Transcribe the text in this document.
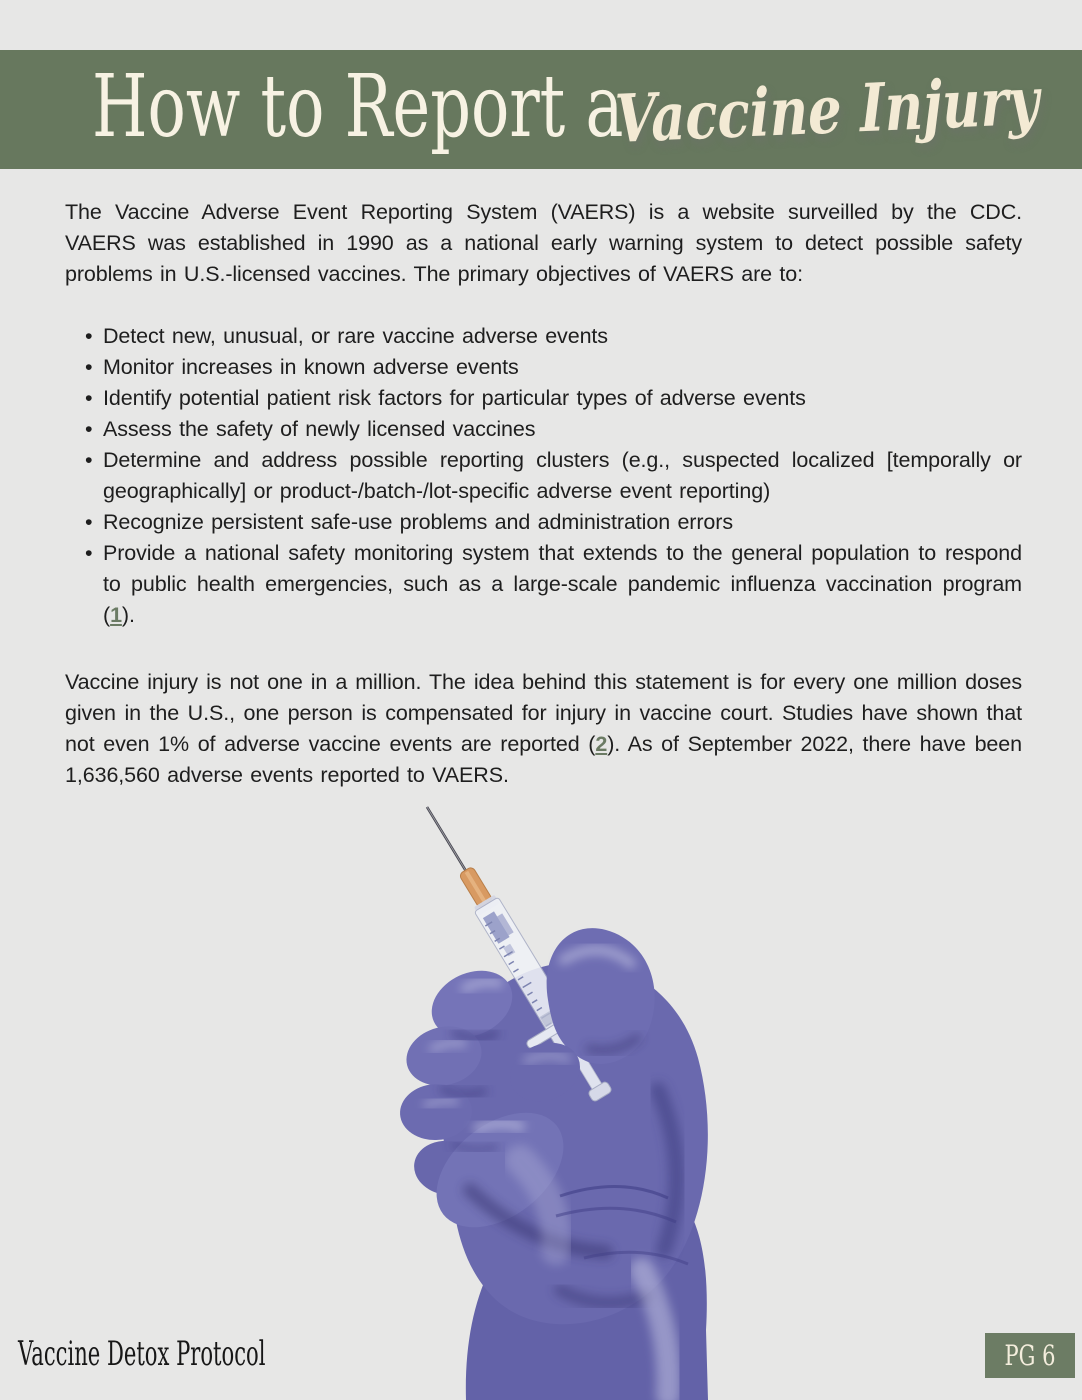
How to Report a
Vaccine Injury

The Vaccine Adverse Event Reporting System (VAERS) is a website surveilled by the CDC. VAERS was established in 1990 as a national early warning system to detect possible safety problems in U.S.-licensed vaccines. The primary objectives of VAERS are to:

• Detect new, unusual, or rare vaccine adverse events
• Monitor increases in known adverse events
• Identify potential patient risk factors for particular types of adverse events
• Assess the safety of newly licensed vaccines
• Determine and address possible reporting clusters (e.g., suspected localized [temporally or geographically] or product-/batch-/lot-specific adverse event reporting)
• Recognize persistent safe-use problems and administration errors
• Provide a national safety monitoring system that extends to the general population to respond to public health emergencies, such as a large-scale pandemic influenza vaccination program (1).

Vaccine injury is not one in a million. The idea behind this statement is for every one million doses given in the U.S., one person is compensated for injury in vaccine court. Studies have shown that not even 1% of adverse vaccine events are reported (2). As of September 2022, there have been 1,636,560 adverse events reported to VAERS.

Vaccine Detox Protocol	PG 6
